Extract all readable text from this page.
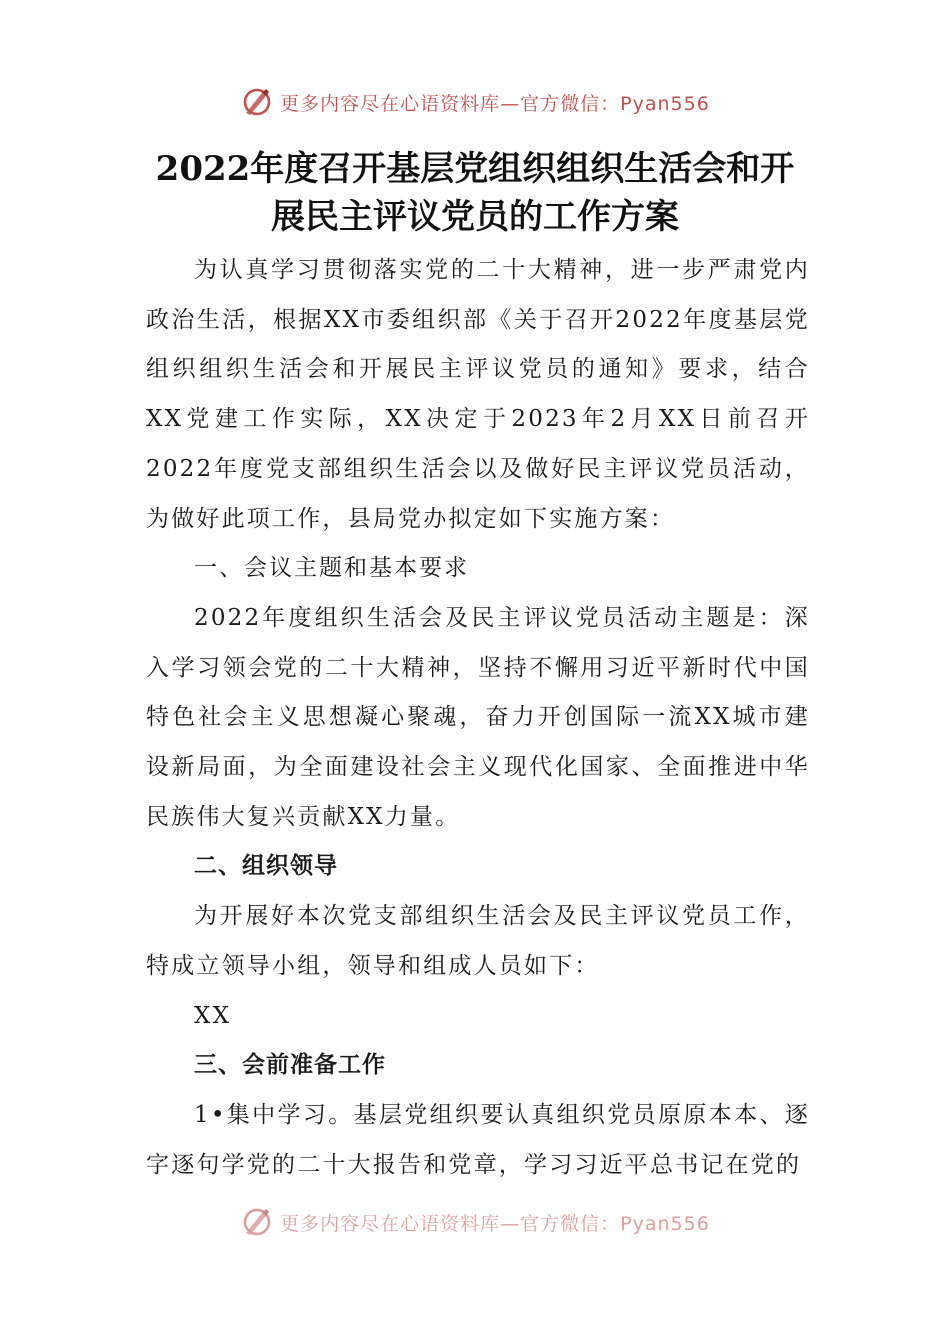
更多内容尽在心语资料库—官方微信：Pyan556
2022年度召开基层党组织组织生活会和开
展民主评议党员的工作方案

为认真学习贯彻落实党的二十大精神，进一步严肃党内政治生活，根据XX市委组织部《关于召开2022年度基层党组织组织生活会和开展民主评议党员的通知》要求，结合XX党建工作实际，XX决定于2023年2月XX日前召开2022年度党支部组织生活会以及做好民主评议党员活动，为做好此项工作，县局党办拟定如下实施方案：

一、会议主题和基本要求

2022年度组织生活会及民主评议党员活动主题是：深入学习领会党的二十大精神，坚持不懈用习近平新时代中国特色社会主义思想凝心聚魂，奋力开创国际一流XX城市建设新局面，为全面建设社会主义现代化国家、全面推进中华民族伟大复兴贡献XX力量。

二、组织领导

为开展好本次党支部组织生活会及民主评议党员工作，特成立领导小组，领导和组成人员如下：

XX

三、会前准备工作

1•集中学习。基层党组织要认真组织党员原原本本、逐字逐句学党的二十大报告和党章，学习习近平总书记在党的

更多内容尽在心语资料库—官方微信：Pyan556
